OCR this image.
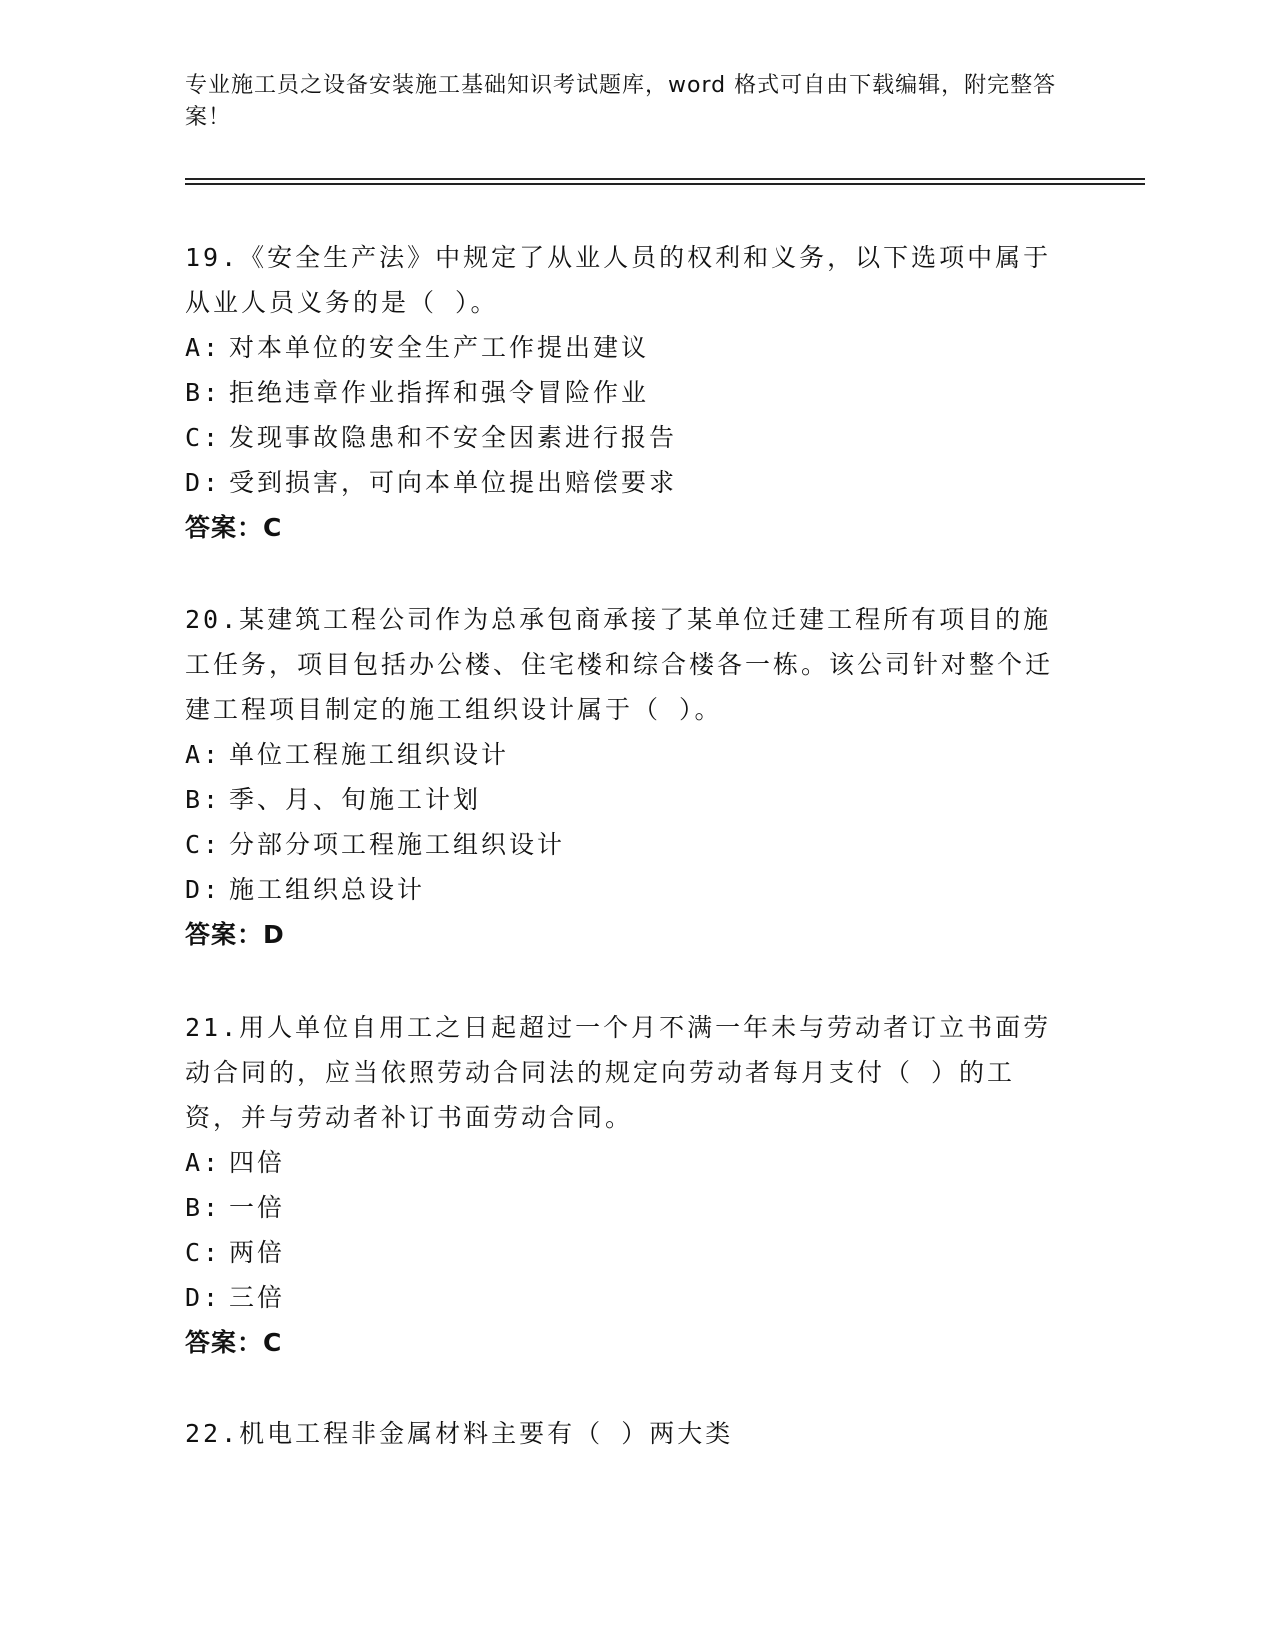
专业施工员之设备安装施工基础知识考试题库，word 格式可自由下载编辑，附完整答案！

19.《安全生产法》中规定了从业人员的权利和义务，以下选项中属于从业人员义务的是（ ）。

A: 对本单位的安全生产工作提出建议

B: 拒绝违章作业指挥和强令冒险作业

C: 发现事故隐患和不安全因素进行报告

D: 受到损害，可向本单位提出赔偿要求

答案：C

20.某建筑工程公司作为总承包商承接了某单位迁建工程所有项目的施工任务，项目包括办公楼、住宅楼和综合楼各一栋。该公司针对整个迁建工程项目制定的施工组织设计属于（ ）。

A: 单位工程施工组织设计

B: 季、月、旬施工计划

C: 分部分项工程施工组织设计

D: 施工组织总设计

答案：D

21.用人单位自用工之日起超过一个月不满一年未与劳动者订立书面劳动合同的，应当依照劳动合同法的规定向劳动者每月支付（ ）的工资，并与劳动者补订书面劳动合同。

A: 四倍

B: 一倍

C: 两倍

D: 三倍

答案：C

22.机电工程非金属材料主要有（ ）两大类
